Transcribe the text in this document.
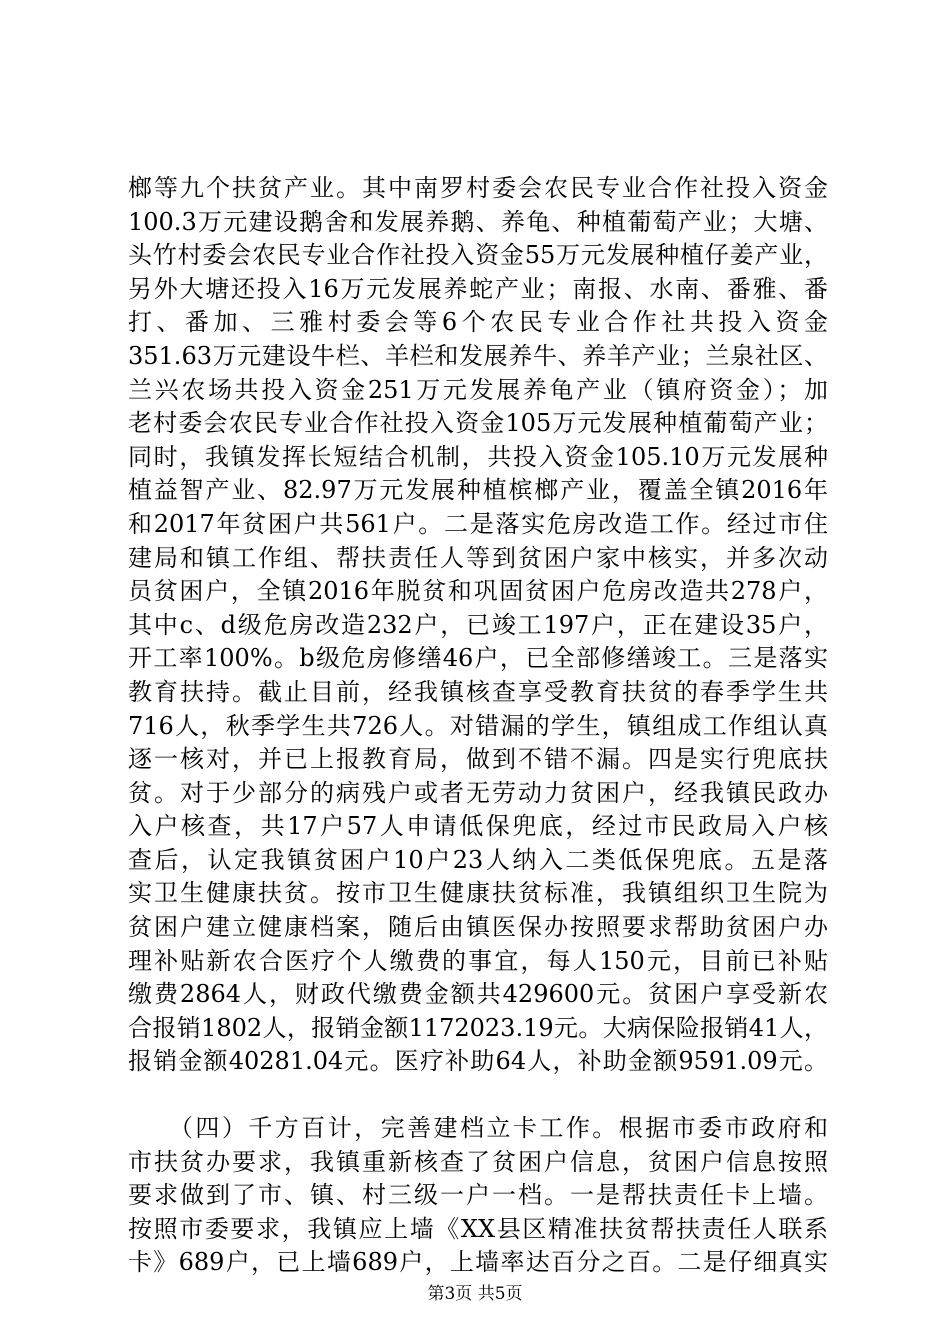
榔等九个扶贫产业。其中南罗村委会农民专业合作社投入资金
100.3万元建设鹅舍和发展养鹅、养龟、种植葡萄产业；大塘、
头竹村委会农民专业合作社投入资金55万元发展种植仔姜产业，
另外大塘还投入16万元发展养蛇产业；南报、水南、番雅、番
打、番加、三雅村委会等6个农民专业合作社共投入资金
351.63万元建设牛栏、羊栏和发展养牛、养羊产业；兰泉社区、
兰兴农场共投入资金251万元发展养龟产业（镇府资金）；加
老村委会农民专业合作社投入资金105万元发展种植葡萄产业；
同时，我镇发挥长短结合机制，共投入资金105.10万元发展种
植益智产业、82.97万元发展种植槟榔产业，覆盖全镇2016年
和2017年贫困户共561户。二是落实危房改造工作。经过市住
建局和镇工作组、帮扶责任人等到贫困户家中核实，并多次动
员贫困户，全镇2016年脱贫和巩固贫困户危房改造共278户，
其中c、d级危房改造232户，已竣工197户，正在建设35户，
开工率100%。b级危房修缮46户，已全部修缮竣工。三是落实
教育扶持。截止目前，经我镇核查享受教育扶贫的春季学生共
716人，秋季学生共726人。对错漏的学生，镇组成工作组认真
逐一核对，并已上报教育局，做到不错不漏。四是实行兜底扶
贫。对于少部分的病残户或者无劳动力贫困户，经我镇民政办
入户核查，共17户57人申请低保兜底，经过市民政局入户核
查后，认定我镇贫困户10户23人纳入二类低保兜底。五是落
实卫生健康扶贫。按市卫生健康扶贫标准，我镇组织卫生院为
贫困户建立健康档案，随后由镇医保办按照要求帮助贫困户办
理补贴新农合医疗个人缴费的事宜，每人150元，目前已补贴
缴费2864人，财政代缴费金额共429600元。贫困户享受新农
合报销1802人，报销金额1172023.19元。大病保险报销41人，
报销金额40281.04元。医疗补助64人，补助金额9591.09元。
　　（四）千方百计，完善建档立卡工作。根据市委市政府和
市扶贫办要求，我镇重新核查了贫困户信息，贫困户信息按照
要求做到了市、镇、村三级一户一档。一是帮扶责任卡上墙。
按照市委要求，我镇应上墙《XX县区精准扶贫帮扶责任人联系
卡》689户，已上墙689户，上墙率达百分之百。二是仔细真实
第3页 共5页
